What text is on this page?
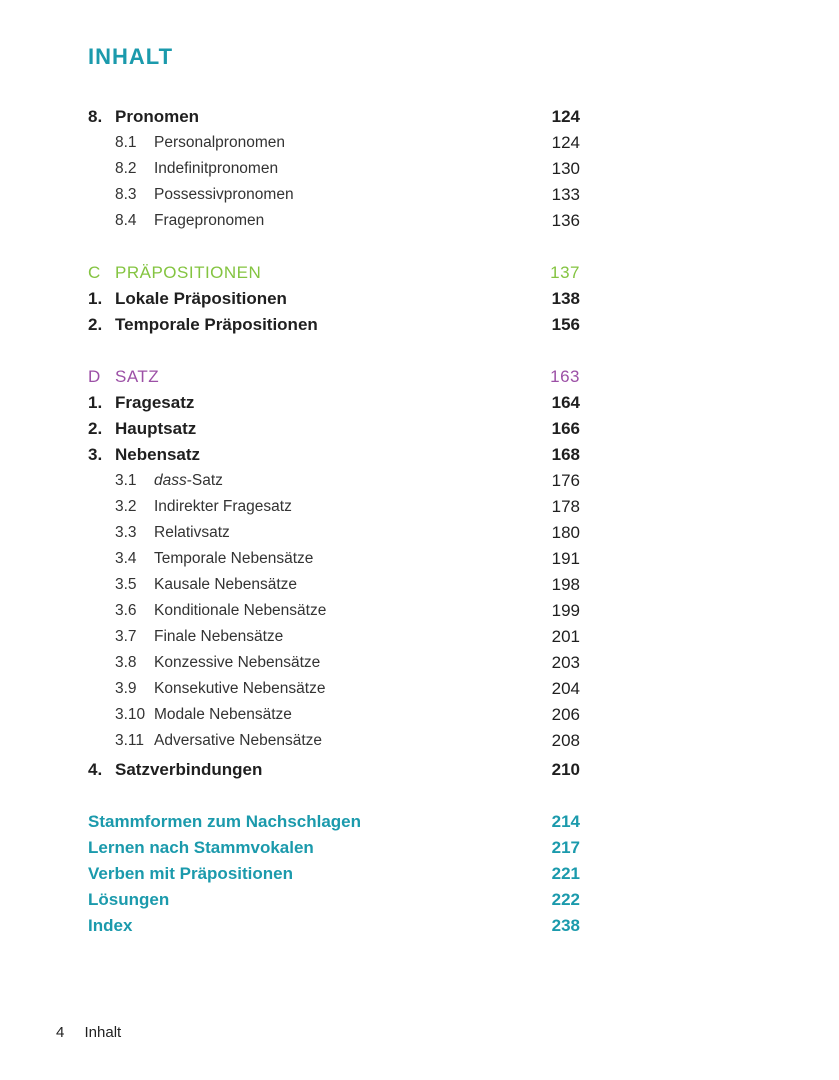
INHALT
8. Pronomen	124
8.1 Personalpronomen	124
8.2 Indefinitpronomen	130
8.3 Possessivpronomen	133
8.4 Fragepronomen	136
C PRÄPOSITIONEN	137
1. Lokale Präpositionen	138
2. Temporale Präpositionen	156
D SATZ	163
1. Fragesatz	164
2. Hauptsatz	166
3. Nebensatz	168
3.1 dass-Satz	176
3.2 Indirekter Fragesatz	178
3.3 Relativsatz	180
3.4 Temporale Nebensätze	191
3.5 Kausale Nebensätze	198
3.6 Konditionale Nebensätze	199
3.7 Finale Nebensätze	201
3.8 Konzessive Nebensätze	203
3.9 Konsekutive Nebensätze	204
3.10 Modale Nebensätze	206
3.11 Adversative Nebensätze	208
4. Satzverbindungen	210
Stammformen zum Nachschlagen	214
Lernen nach Stammvokalen	217
Verben mit Präpositionen	221
Lösungen	222
Index	238
4 Inhalt
